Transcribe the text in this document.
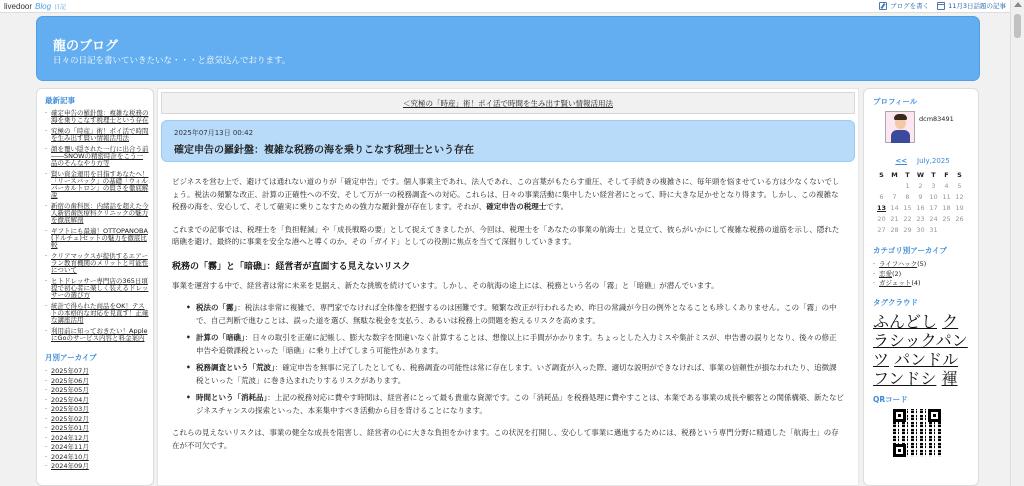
livedoor Blog 日記	ブログを書く	11月3日話題の記事
龍のブログ
日々の日記を書いていきたいな・・・と意気込んでおります。
最新記事
· 確定申告の羅針盤：複雑な税務の海を乗りこなす税理士という存在
· 究極の「時産」術！ポイ活で時間を生み出す賢い情報活用法
· 顔を覆い隠された一行に出合う前――SNOWの精密時計をこう一品のそんなやり方等
· 賢い資金運用を目指すあなたへ！「リースバック」の基礎「ウィルバーカルトロン」の賢さを徹底解説
· 新宿の歯科医：内緒話を超えた今人新宿歯医療科クリニックの魅力を徹底解剖
· ギフトにも最適！OTTOPANOBA (ドルチェ)セットの魅力を徹底比較
· クリアマックスが提供するエアーラン教育機関のメリットと可能性について
· ヒトドレッサー専門店の365日頃提で初心者に楽しく装えるドレッサーの選び方
· 統計で得られた商品をOK！テストの本格的な対応を見直す！正確な講座活用
· 利用前に知っておきたい！AppleにGoのサービス内容と料金案内
月別アーカイブ
· 2025年07月
· 2025年06月
· 2025年05月
· 2025年04月
· 2025年03月
· 2025年02月
· 2025年01月
· 2024年12月
· 2024年11月
· 2024年10月
· 2024年09月
＜究極の「時産」術！ポイ活で時間を生み出す賢い情報活用法
2025年07月13日 00:42
確定申告の羅針盤：複雑な税務の海を乗りこなす税理士という存在

ビジネスを営む上で、避けては通れない道のりが「確定申告」です。個人事業主であれ、法人であれ、この言葉がもたらす重圧、そして手続きの複雑さに、毎年頭を悩ませている方は少なくないでしょう。税法の頻繁な改正、計算の正確性への不安、そして万が一の税務調査への対応。これらは、日々の事業活動に集中したい経営者にとって、時に大きな足かせとなり得ます。しかし、この複雑な税務の海を、安心して、そして確実に乗りこなすための強力な羅針盤が存在します。それが、確定申告の税理士です。

これまでの記事では、税理士を「負担軽減」や「成長戦略の要」として捉えてきましたが、今回は、税理士を「あなたの事業の航海士」と見立て、彼らがいかにして複雑な税務の道筋を示し、隠れた暗礁を避け、最終的に事業を安全な港へと導くのか、その「ガイド」としての役割に焦点を当てて深掘りしていきます。

税務の「霧」と「暗礁」：経営者が直面する見えないリスク

事業を運営する中で、経営者は常に未来を見据え、新たな挑戦を続けています。しかし、その航海の途上には、税務という名の「霧」と「暗礁」が潜んでいます。

• 税法の「霧」：税法は非常に複雑で、専門家でなければ全体像を把握するのは困難です。頻繁な改正が行われるため、昨日の常識が今日の例外となることも珍しくありません。この「霧」の中で、自己判断で進むことは、誤った道を選び、無駄な税金を支払う、あるいは税務上の問題を抱えるリスクを高めます。
• 計算の「暗礁」：日々の取引を正確に記帳し、膨大な数字を間違いなく計算することは、想像以上に手間がかかります。ちょっとした入力ミスや集計ミスが、申告書の誤りとなり、後々の修正申告や追徴課税といった「暗礁」に乗り上げてしまう可能性があります。
• 税務調査という「荒波」：確定申告を無事に完了したとしても、税務調査の可能性は常に存在します。いざ調査が入った際、適切な説明ができなければ、事業の信頼性が損なわれたり、追徴課税といった「荒波」に巻き込まれたりするリスクがあります。
• 時間という「消耗品」：上記の税務対応に費やす時間は、経営者にとって最も貴重な資源です。この「消耗品」を税務処理に費やすことは、本業である事業の成長や顧客との関係構築、新たなビジネスチャンスの探索といった、本来集中すべき活動から目を背けることになります。

これらの見えないリスクは、事業の健全な成長を阻害し、経営者の心に大きな負担をかけます。この状況を打開し、安心して事業に邁進するためには、税務という専門分野に精通した「航海士」の存在が不可欠です。

プロフィール
dcm83491
<< July,2025
S	M	T	W	T	F	S
		1	2	3	4	5
6	7	8	9	10	11	12
13	14	15	16	17	18	19
20	21	22	23	24	25	26
27	28	29	30	31		
カテゴリ別アーカイブ
· ライフハック(5)
· 恋愛(2)
· ガジェット(4)
タグクラウド
ふんどし クラシックパンツ パンドル フンドシ 褌
QRコード
